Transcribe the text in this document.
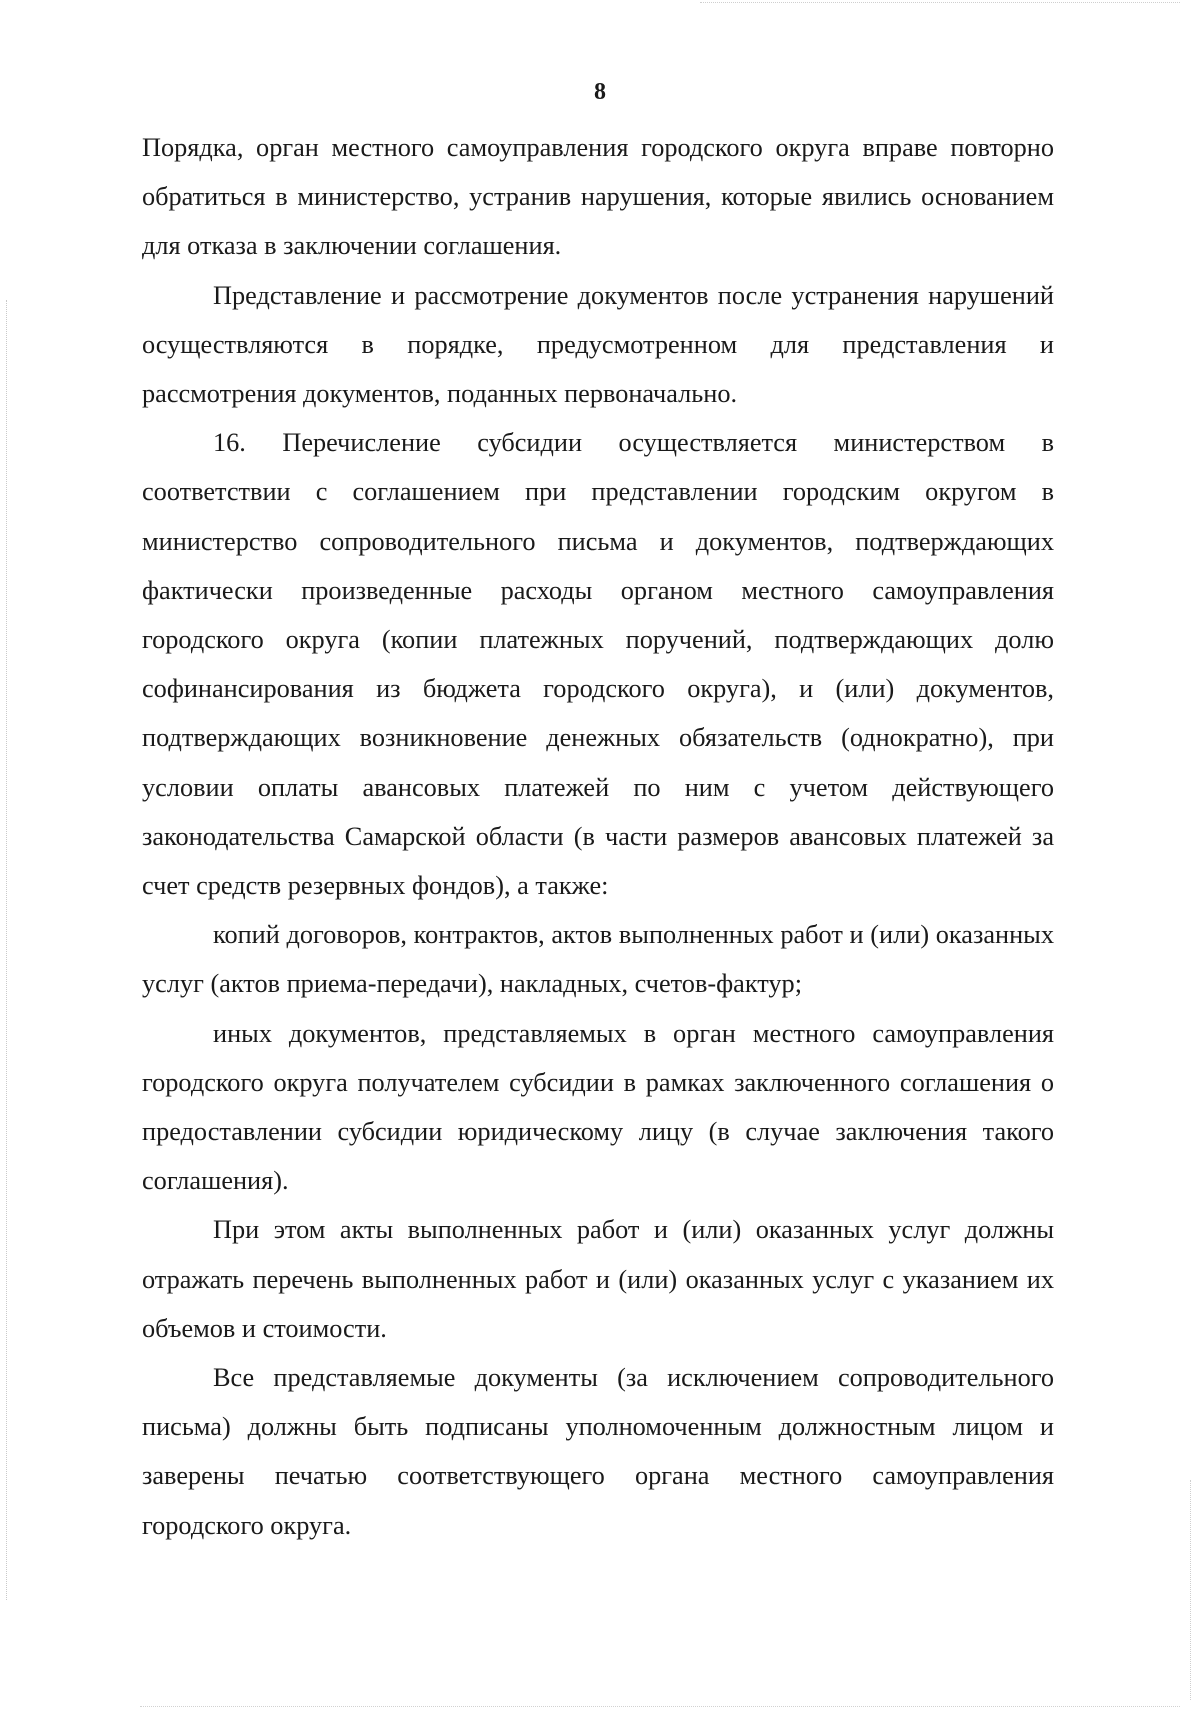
8

Порядка, орган местного самоуправления городского округа вправе повторно обратиться в министерство, устранив нарушения, которые явились основанием для отказа в заключении соглашения.

Представление и рассмотрение документов после устранения нарушений осуществляются в порядке, предусмотренном для представления и рассмотрения документов, поданных первоначально.

16. Перечисление субсидии осуществляется министерством в соответствии с соглашением при представлении городским округом в министерство сопроводительного письма и документов, подтверждающих фактически произведенные расходы органом местного самоуправления городского округа (копии платежных поручений, подтверждающих долю софинансирования из бюджета городского округа), и (или) документов, подтверждающих возникновение денежных обязательств (однократно), при условии оплаты авансовых платежей по ним с учетом действующего законодательства Самарской области (в части размеров авансовых платежей за счет средств резервных фондов), а также:

копий договоров, контрактов, актов выполненных работ и (или) оказанных услуг (актов приема-передачи), накладных, счетов-фактур;

иных документов, представляемых в орган местного самоуправления городского округа получателем субсидии в рамках заключенного соглашения о предоставлении субсидии юридическому лицу (в случае заключения такого соглашения).

При этом акты выполненных работ и (или) оказанных услуг должны отражать перечень выполненных работ и (или) оказанных услуг с указанием их объемов и стоимости.

Все представляемые документы (за исключением сопроводительного письма) должны быть подписаны уполномоченным должностным лицом и заверены печатью соответствующего органа местного самоуправления городского округа.
